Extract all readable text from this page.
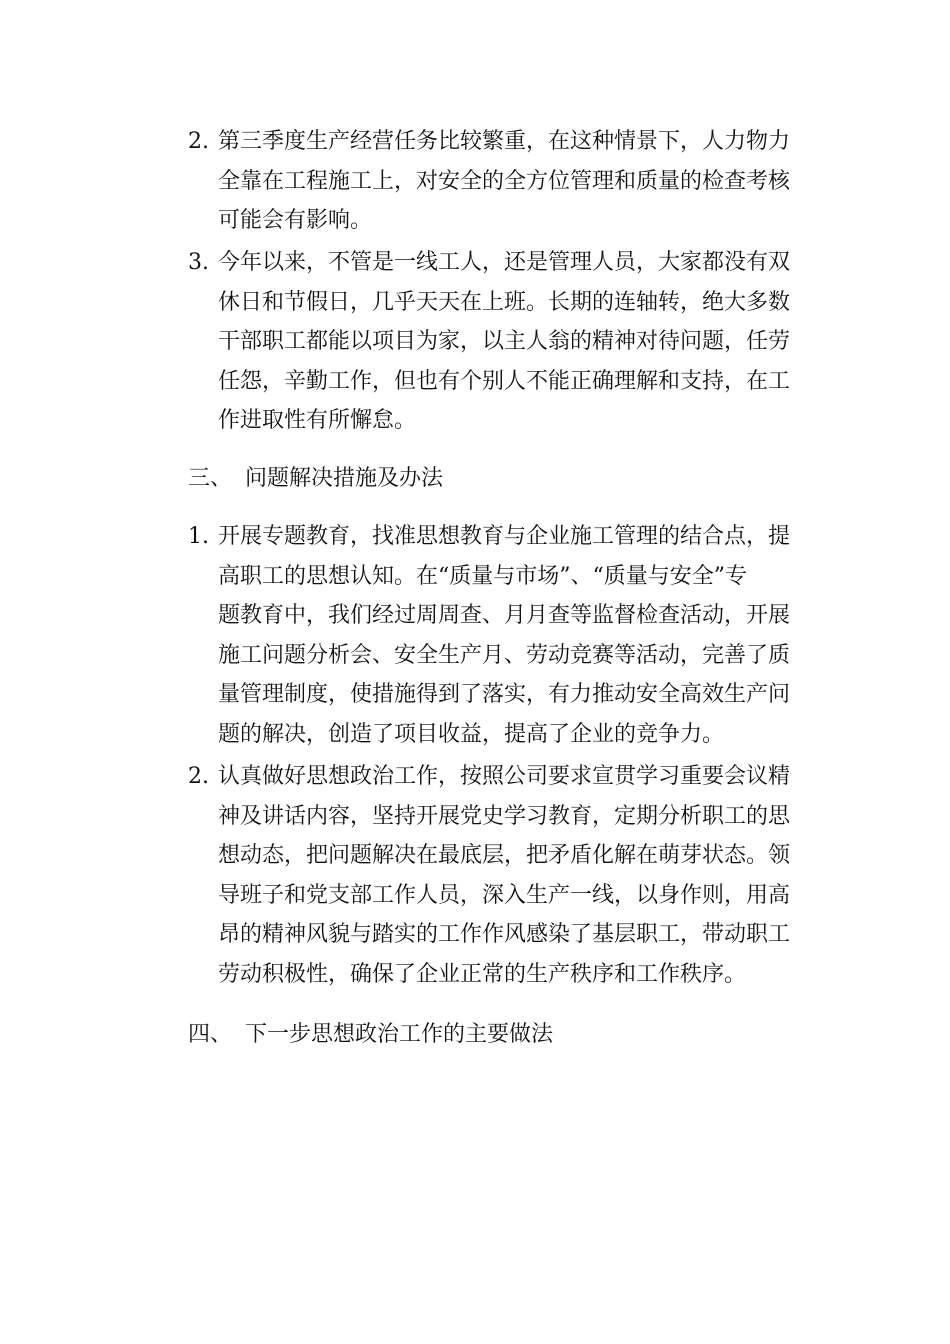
2. 第三季度生产经营任务比较繁重，在这种情景下，人力物力
全靠在工程施工上，对安全的全方位管理和质量的检查考核
可能会有影响。
3. 今年以来，不管是一线工人，还是管理人员，大家都没有双
休日和节假日，几乎天天在上班。长期的连轴转，绝大多数
干部职工都能以项目为家，以主人翁的精神对待问题，任劳
任怨，辛勤工作，但也有个别人不能正确理解和支持，在工
作进取性有所懈怠。
三、 问题解决措施及办法
1. 开展专题教育，找准思想教育与企业施工管理的结合点，提
高职工的思想认知。在“质量与市场”、“质量与安全”专
题教育中，我们经过周周查、月月查等监督检查活动，开展
施工问题分析会、安全生产月、劳动竞赛等活动，完善了质
量管理制度，使措施得到了落实，有力推动安全高效生产问
题的解决，创造了项目收益，提高了企业的竞争力。
2. 认真做好思想政治工作，按照公司要求宣贯学习重要会议精
神及讲话内容，坚持开展党史学习教育，定期分析职工的思
想动态，把问题解决在最底层，把矛盾化解在萌芽状态。领
导班子和党支部工作人员，深入生产一线，以身作则，用高
昂的精神风貌与踏实的工作作风感染了基层职工，带动职工
劳动积极性，确保了企业正常的生产秩序和工作秩序。
四、 下一步思想政治工作的主要做法
